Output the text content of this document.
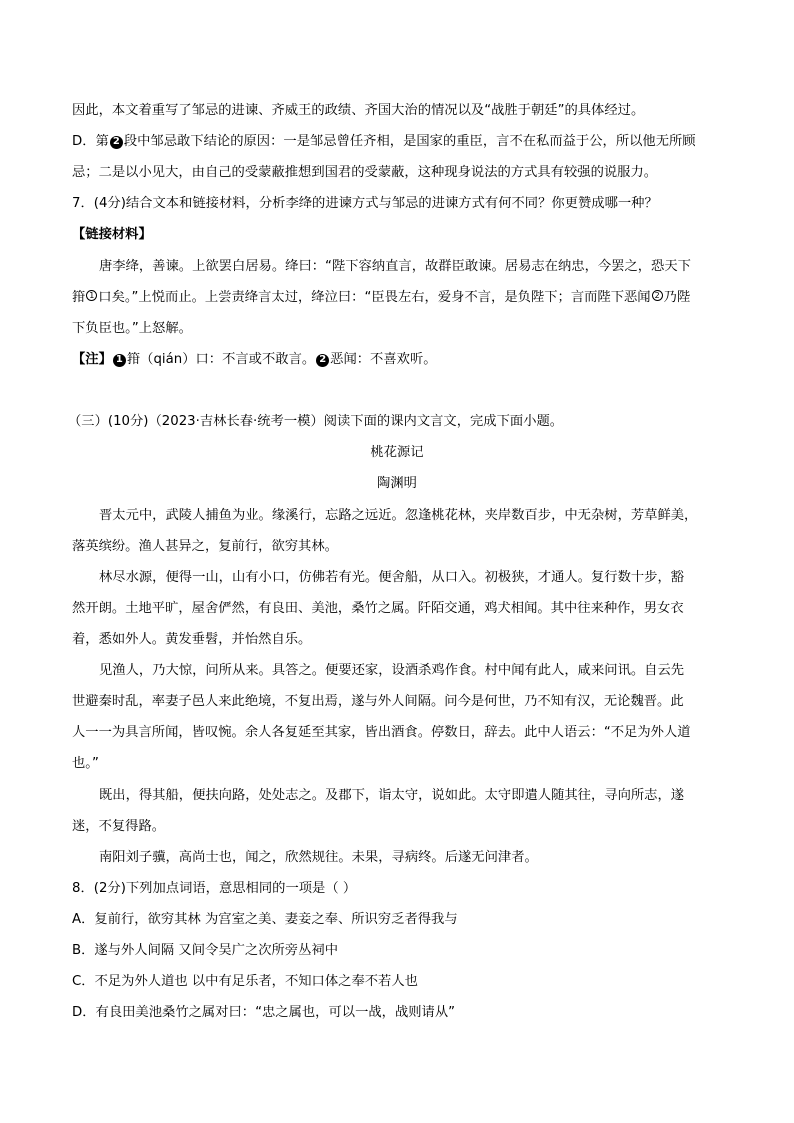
因此，本文着重写了邹忌的进谏、齐威王的政绩、齐国大治的情况以及“战胜于朝廷”的具体经过。
D．第 2 段中邹忌敢下结论的原因：一是邹忌曾任齐相，是国家的重臣，言不在私而益于公，所以他无所顾
忌；二是以小见大，由自己的受蒙蔽推想到国君的受蒙蔽，这种现身说法的方式具有较强的说服力。
7．(4分)结合文本和链接材料，分析李绛的进谏方式与邹忌的进谏方式有何不同？你更赞成哪一种？
【链接材料】
唐李绛，善谏。上欲罢白居易。绛曰：“陛下容纳直言，故群臣敢谏。居易志在纳忠，今罢之，恐天下
箝 1 口矣。”上悦而止。上尝责绛言太过，绛泣曰：“臣畏左右，爱身不言，是负陛下；言而陛下恶闻 2 乃陛
下负臣也。”上怒解。
【注】 1 箝（qián）口：不言或不敢言。 2 恶闻：不喜欢听。
（三）(10分)（2023·吉林长春·统考一模）阅读下面的课内文言文，完成下面小题。
桃花源记
陶渊明
晋太元中，武陵人捕鱼为业。缘溪行，忘路之远近。忽逢桃花林，夹岸数百步，中无杂树，芳草鲜美，
落英缤纷。渔人甚异之，复前行，欲穷其林。
林尽水源，便得一山，山有小口，仿佛若有光。便舍船，从口入。初极狭，才通人。复行数十步，豁
然开朗。土地平旷，屋舍俨然，有良田、美池，桑竹之属。阡陌交通，鸡犬相闻。其中往来种作，男女衣
着，悉如外人。黄发垂髫，并怡然自乐。
见渔人，乃大惊，问所从来。具答之。便要还家，设酒杀鸡作食。村中闻有此人，咸来问讯。自云先
世避秦时乱，率妻子邑人来此绝境，不复出焉，遂与外人间隔。问今是何世，乃不知有汉，无论魏晋。此
人一一为具言所闻，皆叹惋。余人各复延至其家，皆出酒食。停数日，辞去。此中人语云：“不足为外人道
也。”
既出，得其船，便扶向路，处处志之。及郡下，诣太守，说如此。太守即遣人随其往，寻向所志，遂
迷，不复得路。
南阳刘子骥，高尚士也，闻之，欣然规往。未果，寻病终。后遂无问津者。
8．(2分)下列加点词语，意思相同的一项是（ ）
A．复前行，欲穷其林 为宫室之美、妻妾之奉、所识穷乏者得我与
B．遂与外人间隔 又间令吴广之次所旁丛祠中
C．不足为外人道也 以中有足乐者，不知口体之奉不若人也
D．有良田美池桑竹之属对曰：“忠之属也，可以一战，战则请从”
